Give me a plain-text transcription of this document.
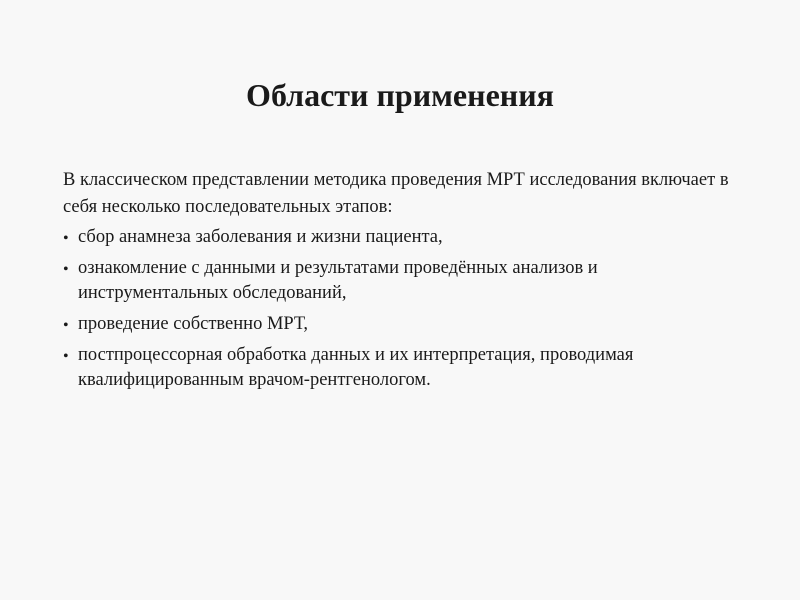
Области применения

В классическом представлении методика проведения МРТ исследования включает в себя несколько последовательных этапов:

• сбор анамнеза заболевания и жизни пациента,
• ознакомление с данными и результатами проведённых анализов и инструментальных обследований,
• проведение собственно МРТ,
• постпроцессорная обработка данных и их интерпретация, проводимая квалифицированным врачом-рентгенологом.
